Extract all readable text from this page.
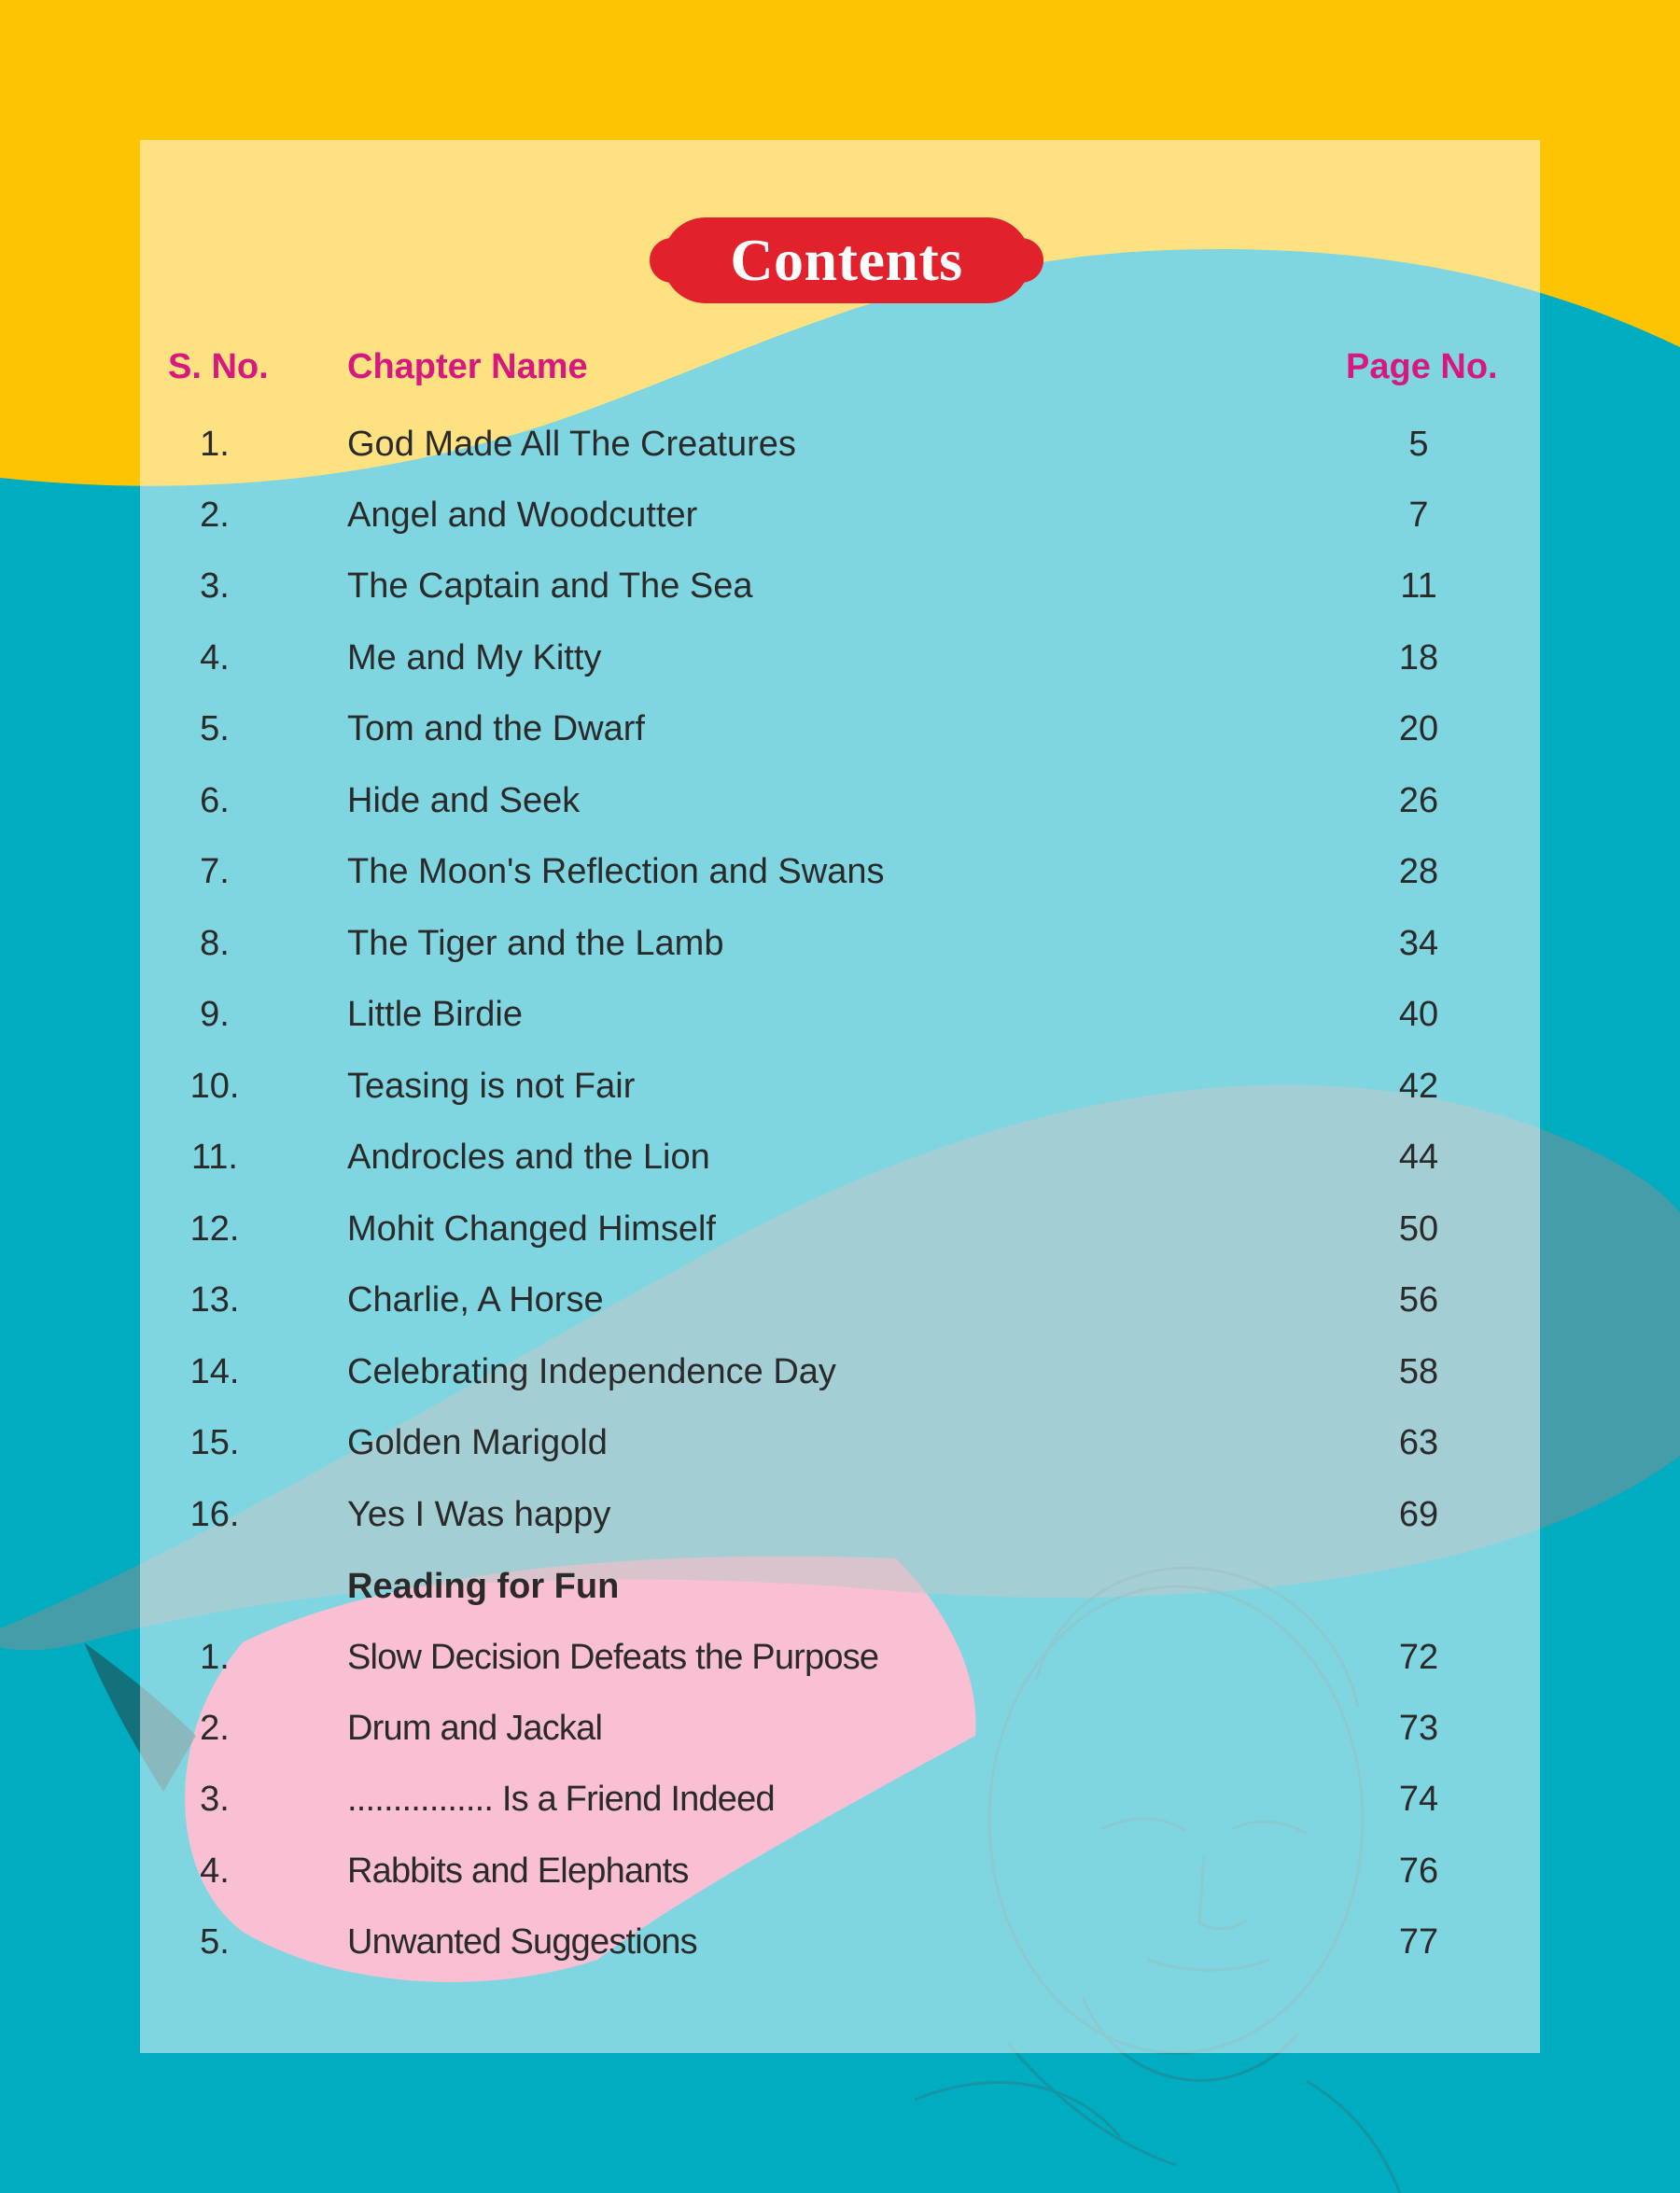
Contents
S. No. Chapter Name	Page No.
1.	God Made All The Creatures	5
2.	Angel and Woodcutter	7
3.	The Captain and The Sea	11
4.	Me and My Kitty	18
5.	Tom and the Dwarf	20
6.	Hide and Seek	26
7.	The Moon's Reflection and Swans	28
8.	The Tiger and the Lamb	34
9.	Little Birdie	40
10.	Teasing is not Fair	42
11.	Androcles and the Lion	44
12.	Mohit Changed Himself	50
13.	Charlie, A Horse	56
14.	Celebrating Independence Day	58
15.	Golden Marigold	63
16.	Yes I Was happy	69
Reading for Fun
1.	Slow Decision Defeats the Purpose	72
2.	Drum and Jackal	73
3.	................ Is a Friend Indeed	74
4.	Rabbits and Elephants	76
5.	Unwanted Suggestions	77
